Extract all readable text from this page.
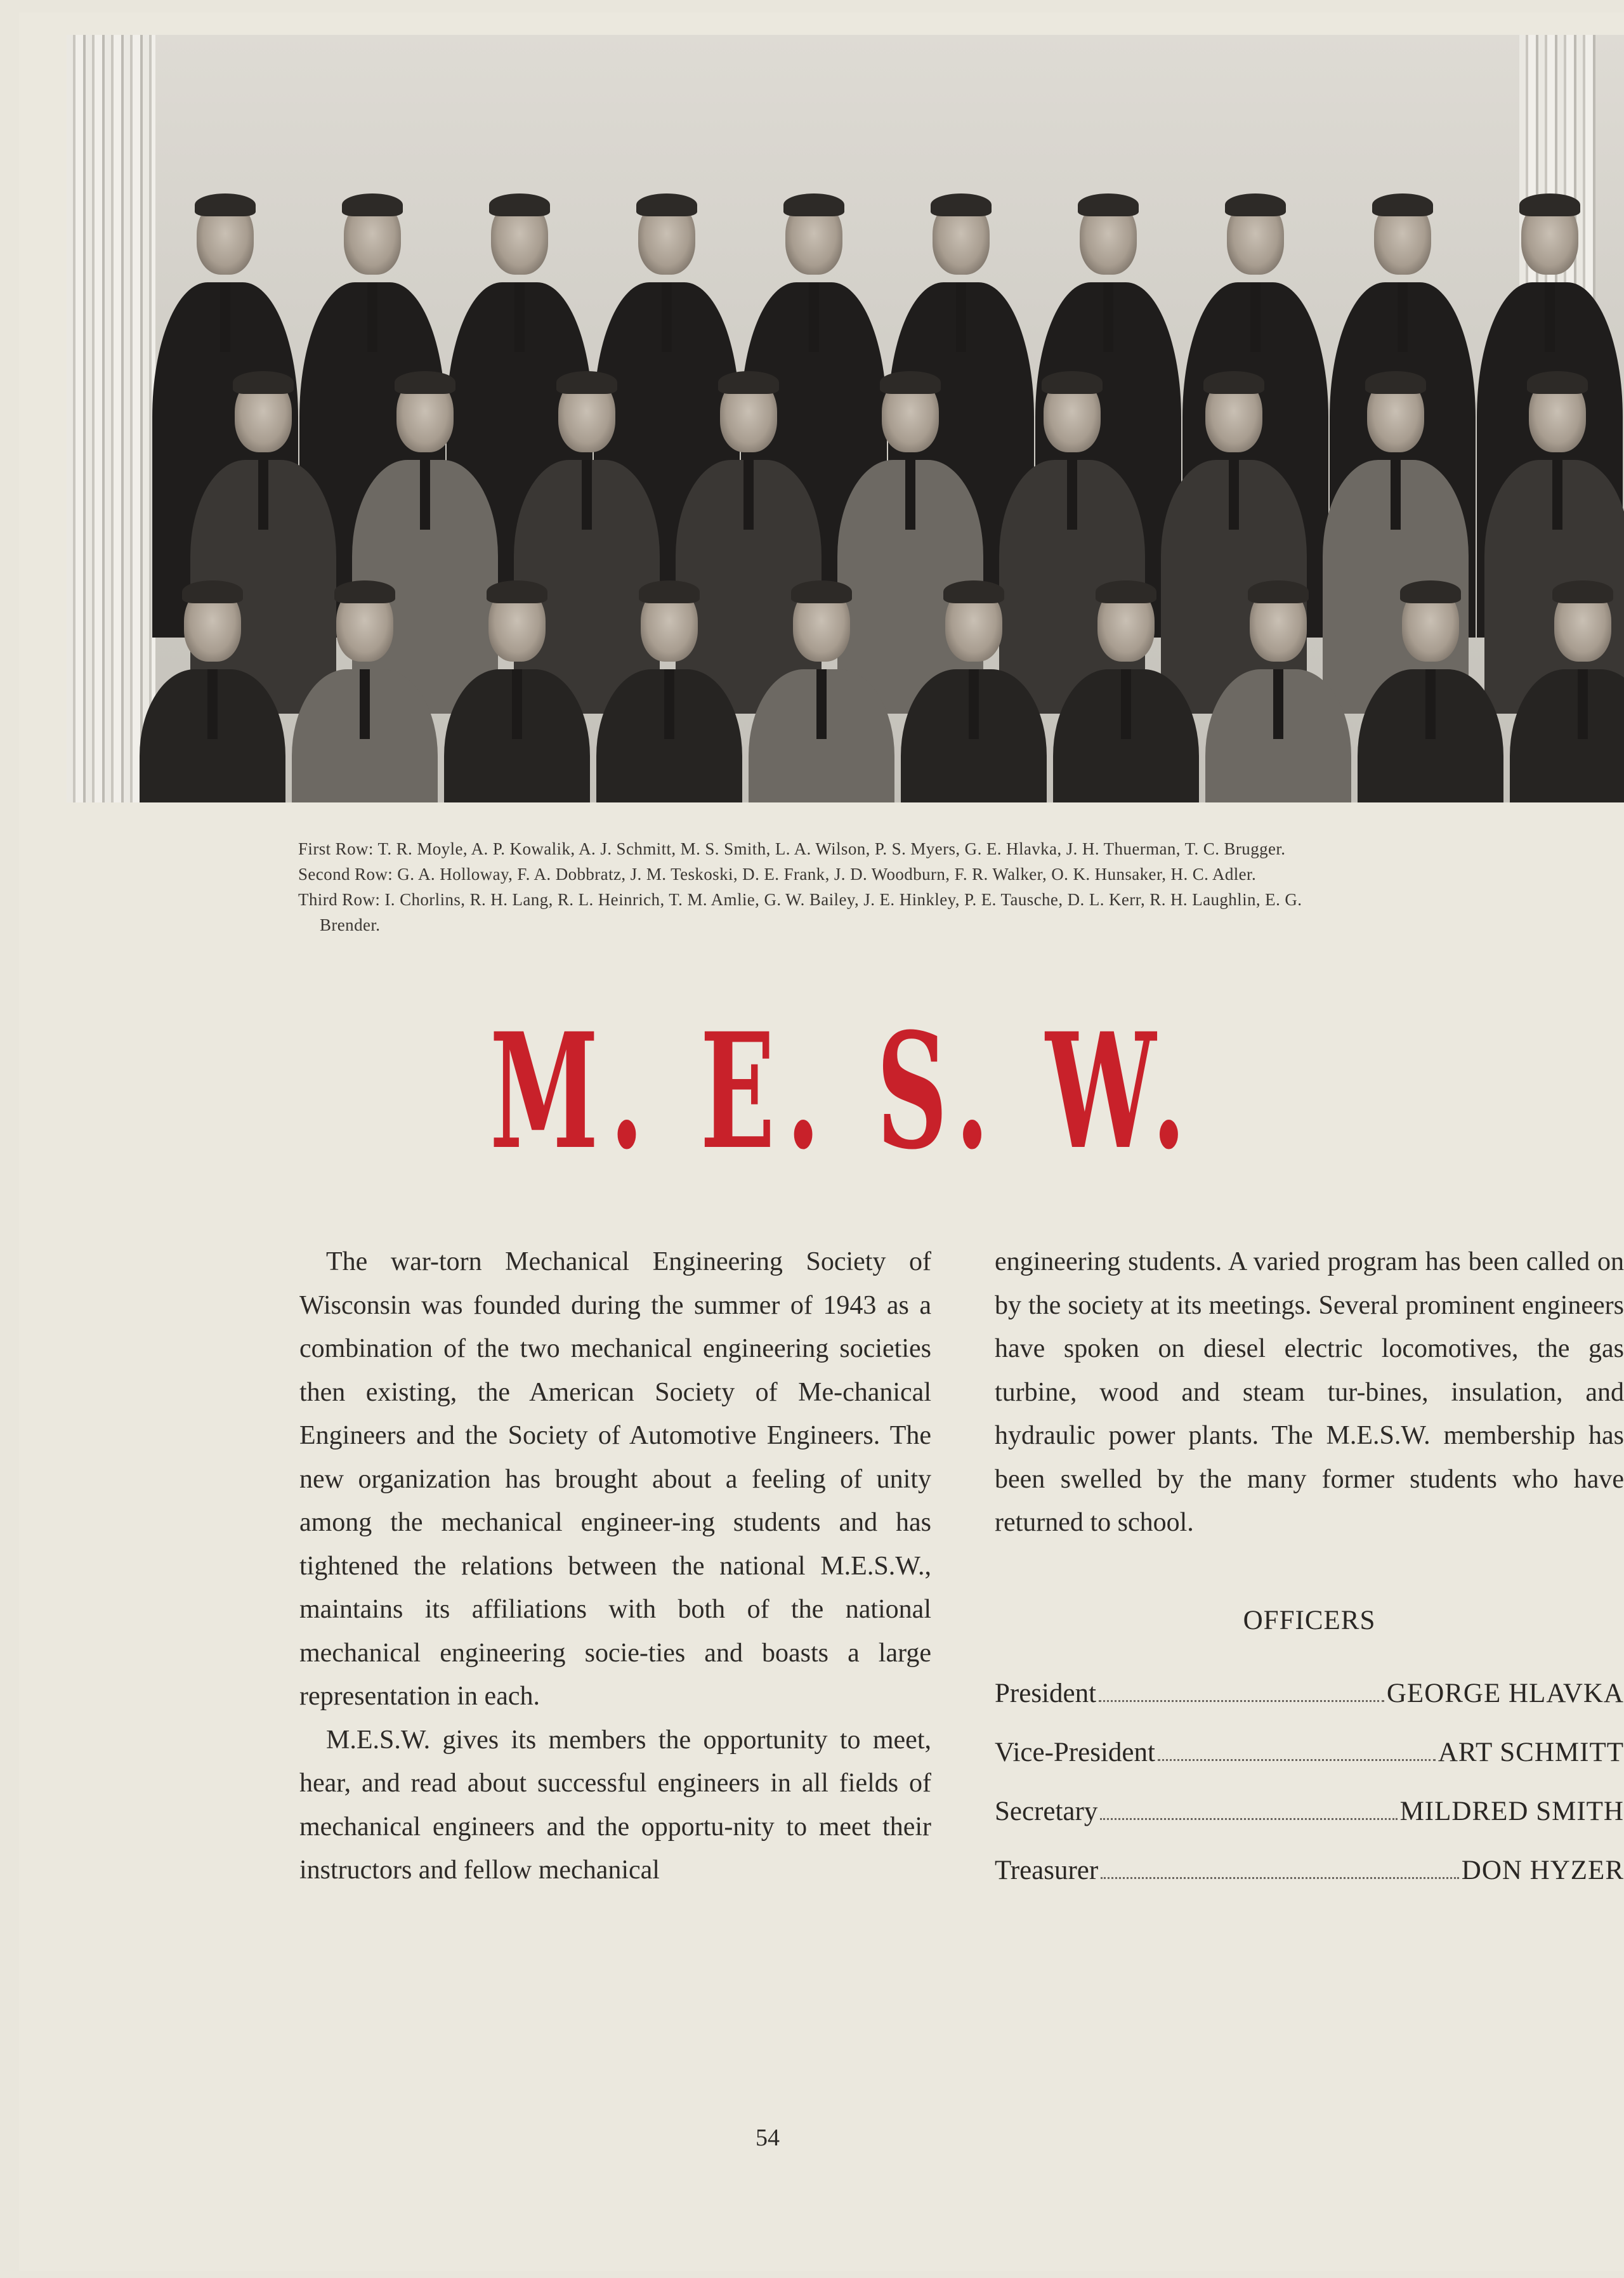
First Row: T. R. Moyle, A. P. Kowalik, A. J. Schmitt, M. S. Smith, L. A. Wilson, P. S. Myers, G. E. Hlavka, J. H. Thuerman, T. C. Brugger.
Second Row: G. A. Holloway, F. A. Dobbratz, J. M. Teskoski, D. E. Frank, J. D. Woodburn, F. R. Walker, O. K. Hunsaker, H. C. Adler.
Third Row: I. Chorlins, R. H. Lang, R. L. Heinrich, T. M. Amlie, G. W. Bailey, J. E. Hinkley, P. E. Tausche, D. L. Kerr, R. H. Laughlin, E. G.
Brender.
M. E. S. W.

The war-torn Mechanical Engineering Society of Wisconsin was founded during the summer of 1943 as a combination of the two mechanical engineering societies then existing, the American Society of Me-chanical Engineers and the Society of Automotive Engineers. The new organization has brought about a feeling of unity among the mechanical engineer-ing students and has tightened the relations between the national M.E.S.W., maintains its affiliations with both of the national mechanical engineering socie-ties and boasts a large representation in each.

M.E.S.W. gives its members the opportunity to meet, hear, and read about successful engineers in all fields of mechanical engineers and the opportu-nity to meet their instructors and fellow mechanical

engineering students. A varied program has been called on by the society at its meetings. Several prominent engineers have spoken on diesel electric locomotives, the gas turbine, wood and steam tur-bines, insulation, and hydraulic power plants. The M.E.S.W. membership has been swelled by the many former students who have returned to school.

OFFICERS
President	GEORGE HLAVKA
Vice-President	ART SCHMITT
Secretary	MILDRED SMITH
Treasurer	DON HYZER
54
